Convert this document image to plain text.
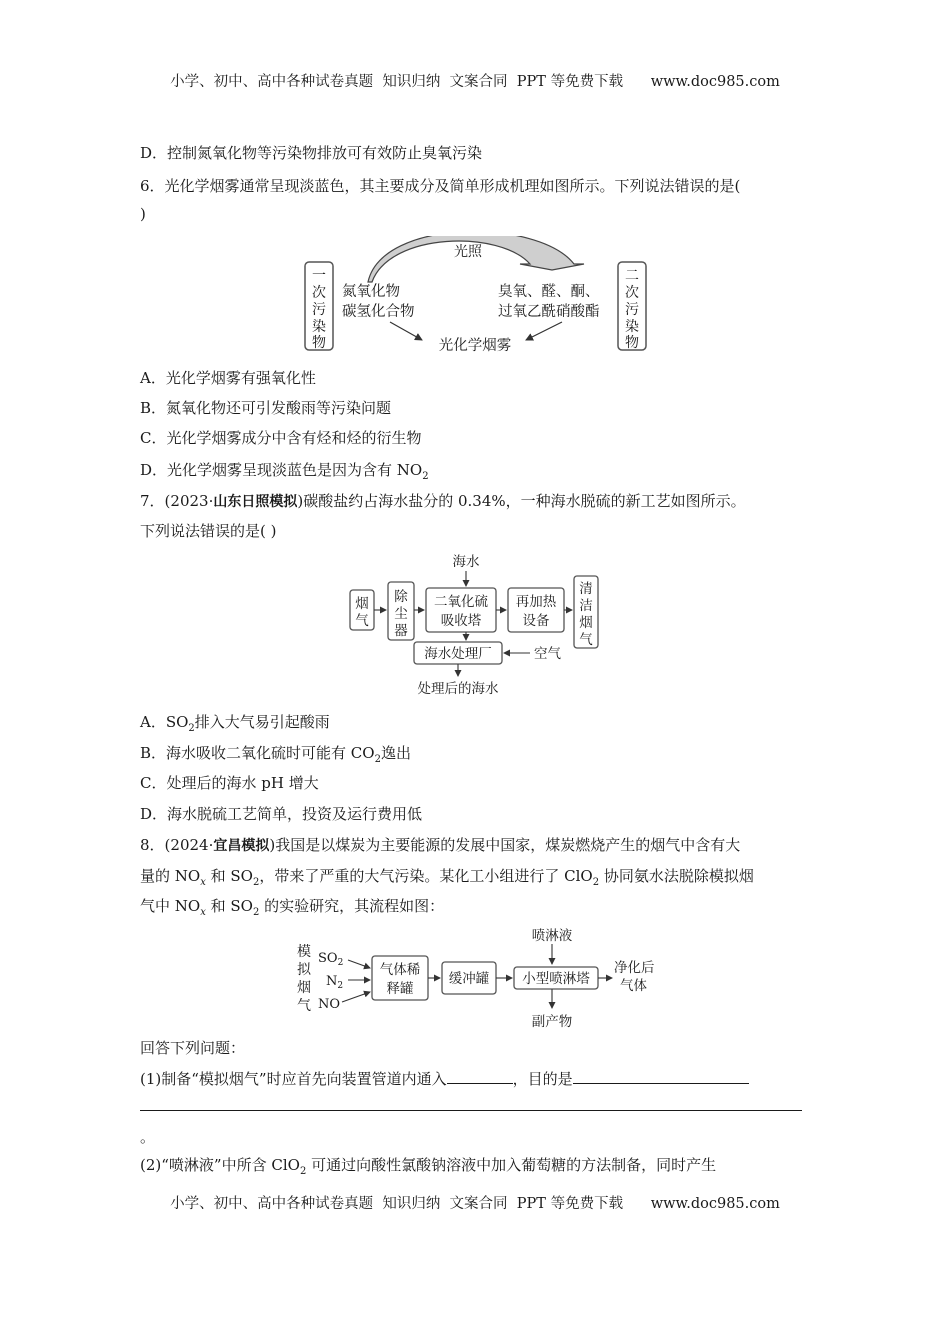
小学、初中、高中各种试卷真题  知识归纳  文案合同  PPT 等免费下载      www.doc985.com
D．控制氮氧化物等污染物排放可有效防止臭氧污染
6．光化学烟雾通常呈现淡蓝色，其主要成分及简单形成机理如图所示。下列说法错误的是(
)
一
次
污
染
物
二
次
污
染
物
光照
氮氧化物
碳氢化合物
臭氧、醛、酮、
过氧乙酰硝酸酯
光化学烟雾
A．光化学烟雾有强氧化性
B．氮氧化物还可引发酸雨等污染问题
C．光化学烟雾成分中含有烃和烃的衍生物
D．光化学烟雾呈现淡蓝色是因为含有 $NO_2$
7．(2023·山东日照模拟)碳酸盐约占海水盐分的 0.34%，一种海水脱硫的新工艺如图所示。
下列说法错误的是( )
海水
烟
气
除
尘
器
二氧化硫
吸收塔
再加热
设备
清
洁
烟
气
海水处理厂	空气
处理后的海水
A．$SO_2$排入大气易引起酸雨
B．海水吸收二氧化硫时可能有 $CO_2$逸出
C．处理后的海水 pH 增大
D．海水脱硫工艺简单，投资及运行费用低
8．(2024·宜昌模拟)我国是以煤炭为主要能源的发展中国家，煤炭燃烧产生的烟气中含有大
量的 $NO_x$ 和 $SO_2$，带来了严重的大气污染。某化工小组进行了 ClO$_2$ 协同氨水法脱除模拟烟
气中 $NO_x$ 和 $SO_2$ 的实验研究，其流程如图：
模
拟
烟
气
$SO_2$
$N_2$
NO
气体稀
释罐
缓冲罐
喷淋液
小型喷淋塔
净化后
气体
副产物
回答下列问题：
(1)制备“模拟烟气”时应首先向装置管道内通入	，目的是
。
(2)“喷淋液”中所含 ClO$_2$ 可通过向酸性氯酸钠溶液中加入葡萄糖的方法制备，同时产生
小学、初中、高中各种试卷真题  知识归纳  文案合同  PPT 等免费下载      www.doc985.com
